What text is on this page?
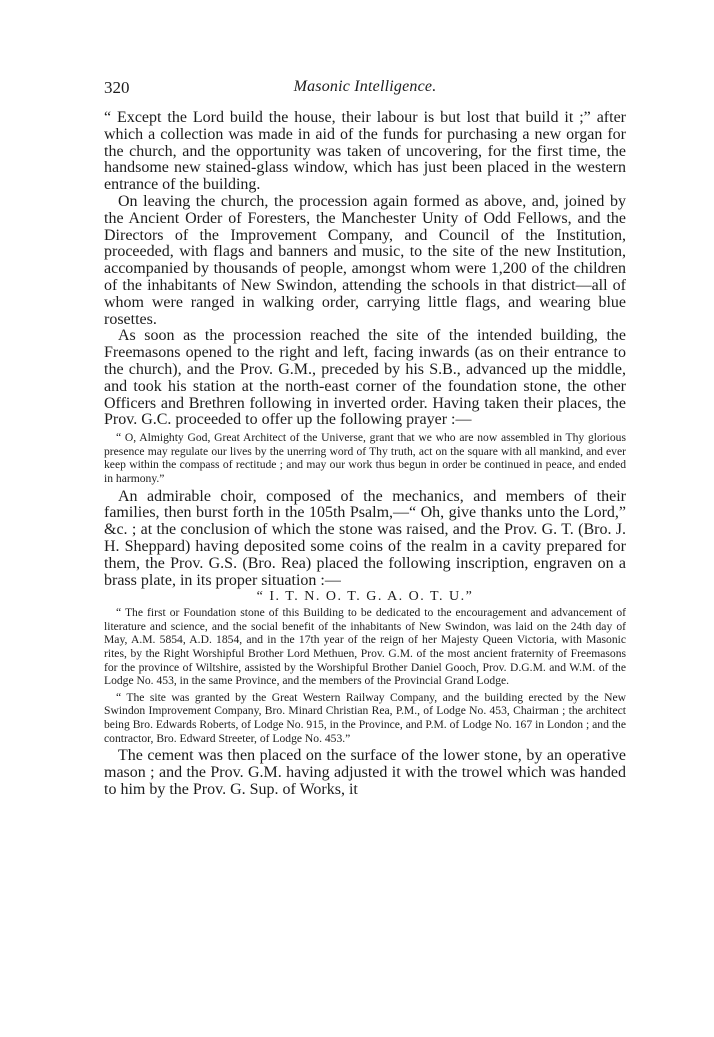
320	Masonic Intelligence.

“ Except the Lord build the house, their labour is but lost that build it ;” after which a collection was made in aid of the funds for purchasing a new organ for the church, and the opportunity was taken of uncovering, for the first time, the handsome new stained-glass window, which has just been placed in the western entrance of the building.

On leaving the church, the procession again formed as above, and, joined by the Ancient Order of Foresters, the Manchester Unity of Odd Fellows, and the Directors of the Improvement Company, and Council of the Institution, proceeded, with flags and banners and music, to the site of the new Institution, accompanied by thousands of people, amongst whom were 1,200 of the children of the inhabitants of New Swindon, attending the schools in that district—all of whom were ranged in walking order, carrying little flags, and wearing blue rosettes.

As soon as the procession reached the site of the intended building, the Freemasons opened to the right and left, facing inwards (as on their entrance to the church), and the Prov. G.M., preceded by his S.B., advanced up the middle, and took his station at the north-east corner of the foundation stone, the other Officers and Brethren following in inverted order. Having taken their places, the Prov. G.C. proceeded to offer up the following prayer :—

“ O, Almighty God, Great Architect of the Universe, grant that we who are now assembled in Thy glorious presence may regulate our lives by the unerring word of Thy truth, act on the square with all mankind, and ever keep within the compass of rectitude ; and may our work thus begun in order be continued in peace, and ended in harmony.”

An admirable choir, composed of the mechanics, and members of their families, then burst forth in the 105th Psalm,—“ Oh, give thanks unto the Lord,” &c. ; at the conclusion of which the stone was raised, and the Prov. G. T. (Bro. J. H. Sheppard) having deposited some coins of the realm in a cavity prepared for them, the Prov. G.S. (Bro. Rea) placed the following inscription, engraven on a brass plate, in its proper situation :—

“ I. T. N. O. T. G. A. O. T. U.”

“ The first or Foundation stone of this Building to be dedicated to the encouragement and advancement of literature and science, and the social benefit of the inhabitants of New Swindon, was laid on the 24th day of May, A.M. 5854, A.D. 1854, and in the 17th year of the reign of her Majesty Queen Victoria, with Masonic rites, by the Right Worshipful Brother Lord Methuen, Prov. G.M. of the most ancient fraternity of Freemasons for the province of Wiltshire, assisted by the Worshipful Brother Daniel Gooch, Prov. D.G.M. and W.M. of the Lodge No. 453, in the same Province, and the members of the Provincial Grand Lodge.

“ The site was granted by the Great Western Railway Company, and the building erected by the New Swindon Improvement Company, Bro. Minard Christian Rea, P.M., of Lodge No. 453, Chairman ; the architect being Bro. Edwards Roberts, of Lodge No. 915, in the Province, and P.M. of Lodge No. 167 in London ; and the contractor, Bro. Edward Streeter, of Lodge No. 453.”

The cement was then placed on the surface of the lower stone, by an operative mason ; and the Prov. G.M. having adjusted it with the trowel which was handed to him by the Prov. G. Sup. of Works, it
